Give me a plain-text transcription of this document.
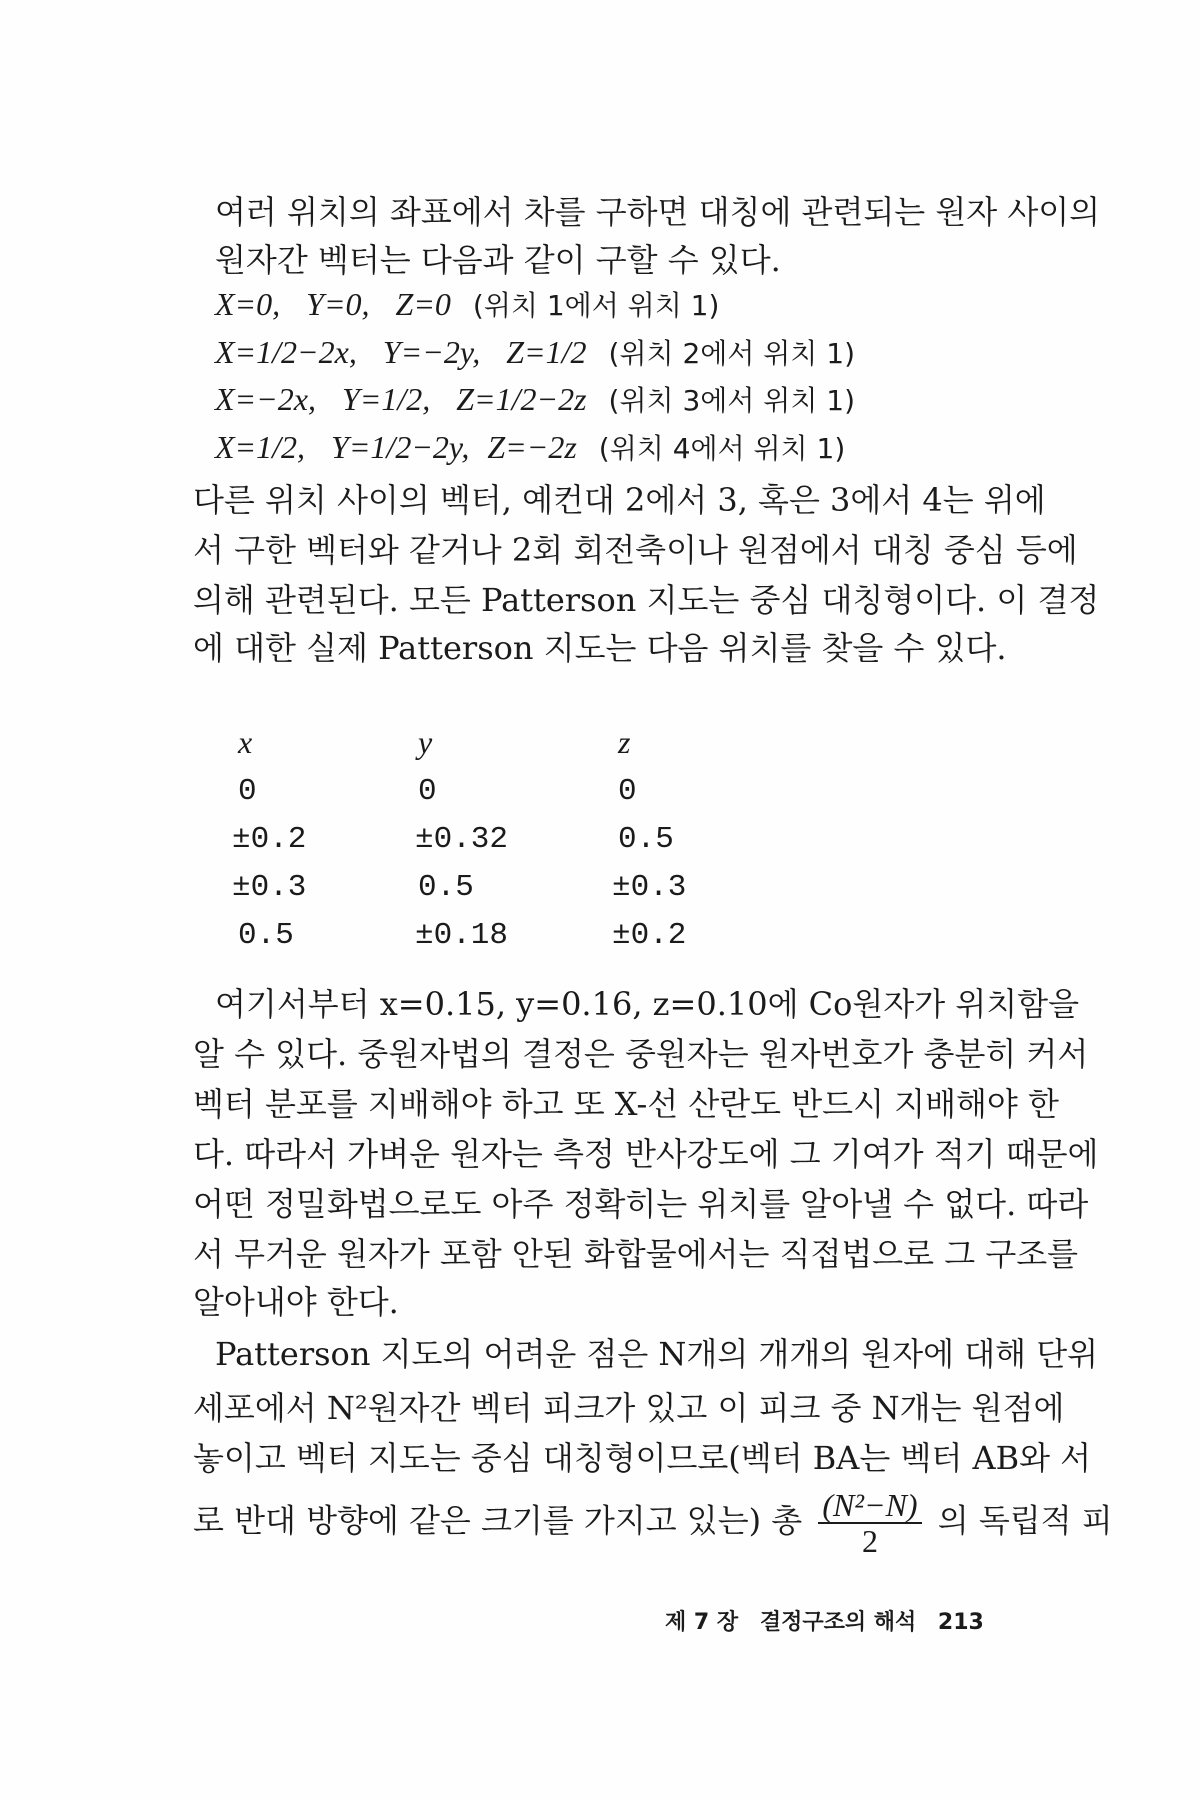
여러 위치의 좌표에서 차를 구하면 대칭에 관련되는 원자 사이의
원자간 벡터는 다음과 같이 구할 수 있다.
X=0, Y=0, Z=0 (위치 1에서 위치 1)
X=1/2−2x, Y=−2y, Z=1/2 (위치 2에서 위치 1)
X=−2x, Y=1/2, Z=1/2−2z (위치 3에서 위치 1)
X=1/2, Y=1/2−2y, Z=−2z (위치 4에서 위치 1)
다른 위치 사이의 벡터, 예컨대 2에서 3, 혹은 3에서 4는 위에
서 구한 벡터와 같거나 2회 회전축이나 원점에서 대칭 중심 등에
의해 관련된다. 모든 Patterson 지도는 중심 대칭형이다. 이 결정
에 대한 실제 Patterson 지도는 다음 위치를 찾을 수 있다.
x	y	z
0	0	0
±0.2	±0.32	0.5
±0.3	0.5	±0.3
0.5	±0.18	±0.2
여기서부터 x=0.15, y=0.16, z=0.10에 Co원자가 위치함을
알 수 있다. 중원자법의 결정은 중원자는 원자번호가 충분히 커서
벡터 분포를 지배해야 하고 또 X-선 산란도 반드시 지배해야 한
다. 따라서 가벼운 원자는 측정 반사강도에 그 기여가 적기 때문에
어떤 정밀화법으로도 아주 정확히는 위치를 알아낼 수 없다. 따라
서 무거운 원자가 포함 안된 화합물에서는 직접법으로 그 구조를
알아내야 한다.
Patterson 지도의 어려운 점은 N개의 개개의 원자에 대해 단위
세포에서 N²원자간 벡터 피크가 있고 이 피크 중 N개는 원점에
놓이고 벡터 지도는 중심 대칭형이므로(벡터 BA는 벡터 AB와 서
로 반대 방향에 같은 크기를 가지고 있는) 총 $\frac{\text{(N²−N)}}{2}$ 의 독립적 피
제 7 장 결정구조의 해석 213
